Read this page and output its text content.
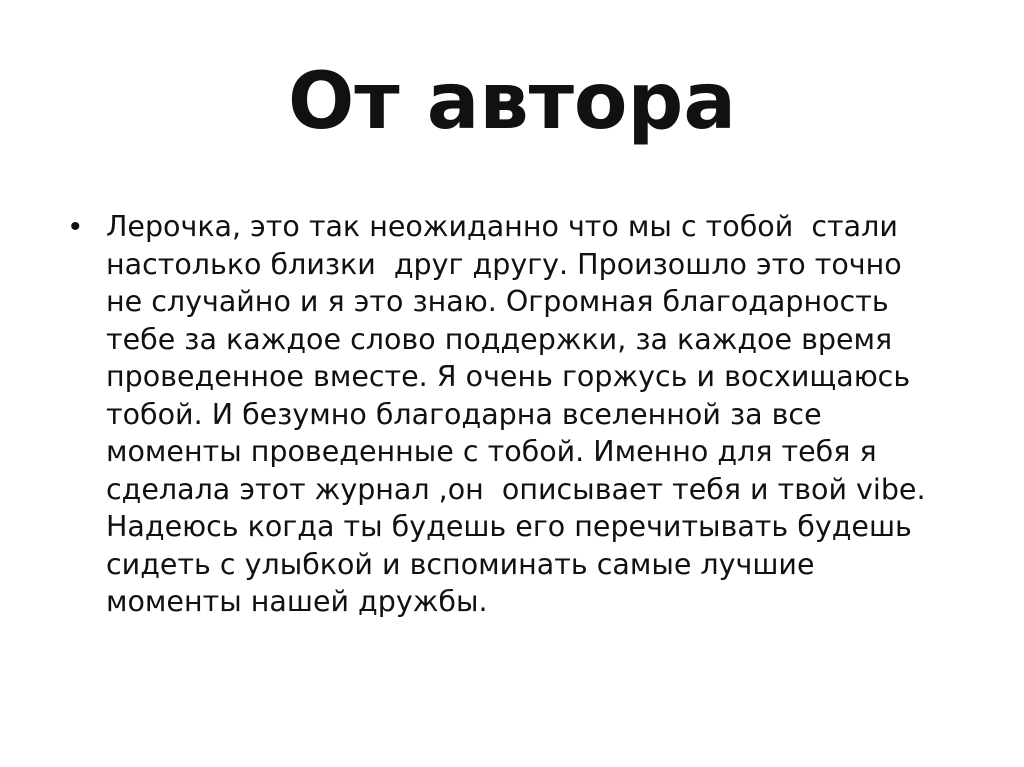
От автора
• Лерочка, это так неожиданно что мы с тобой  стали
настолько близки  друг другу. Произошло это точно
не случайно и я это знаю. Огромная благодарность
тебе за каждое слово поддержки, за каждое время
проведенное вместе. Я очень горжусь и восхищаюсь
тобой. И безумно благодарна вселенной за все
моменты проведенные с тобой. Именно для тебя я
сделала этот журнал ,он  описывает тебя и твой vibe.
Надеюсь когда ты будешь его перечитывать будешь
сидеть с улыбкой и вспоминать самые лучшие
моменты нашей дружбы.
